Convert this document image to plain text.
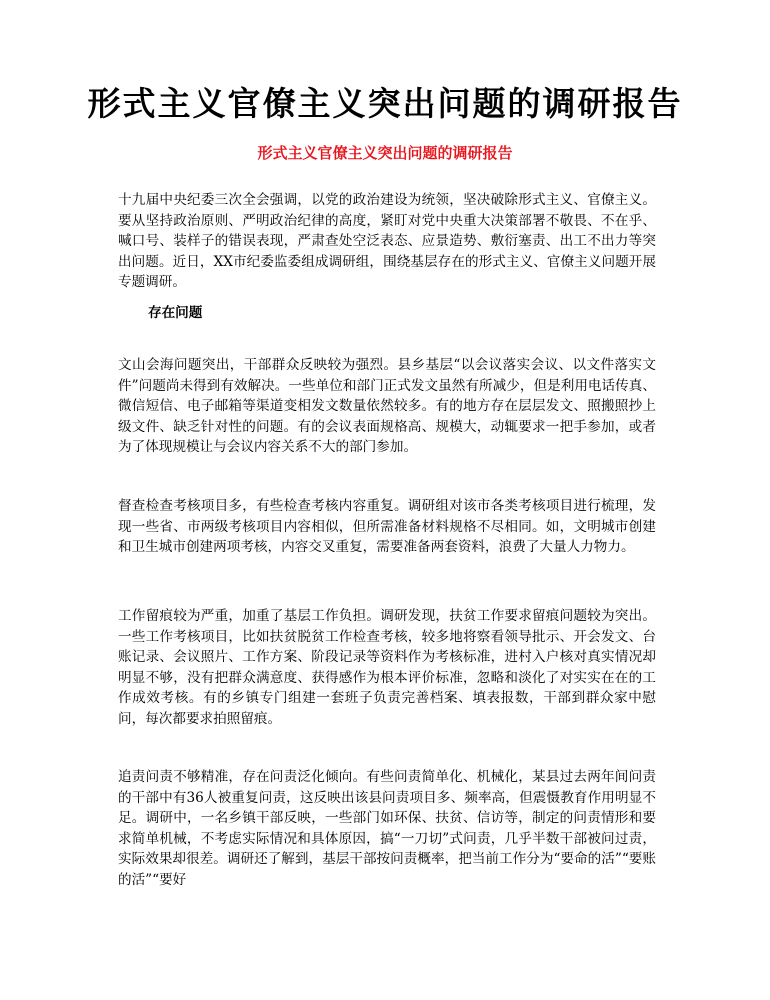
形式主义官僚主义突出问题的调研报告
形式主义官僚主义突出问题的调研报告

十九届中央纪委三次全会强调，以党的政治建设为统领，坚决破除形式主义、官僚主义。要从坚持政治原则、严明政治纪律的高度，紧盯对党中央重大决策部署不敬畏、不在乎、喊口号、装样子的错误表现，严肃查处空泛表态、应景造势、敷衍塞责、出工不出力等突出问题。近日，XX市纪委监委组成调研组，围绕基层存在的形式主义、官僚主义问题开展专题调研。

存在问题

文山会海问题突出，干部群众反映较为强烈。县乡基层“以会议落实会议、以文件落实文件”问题尚未得到有效解决。一些单位和部门正式发文虽然有所减少，但是利用电话传真、微信短信、电子邮箱等渠道变相发文数量依然较多。有的地方存在层层发文、照搬照抄上级文件、缺乏针对性的问题。有的会议表面规格高、规模大，动辄要求一把手参加，或者为了体现规模让与会议内容关系不大的部门参加。

督查检查考核项目多，有些检查考核内容重复。调研组对该市各类考核项目进行梳理，发现一些省、市两级考核项目内容相似，但所需准备材料规格不尽相同。如，文明城市创建和卫生城市创建两项考核，内容交叉重复，需要准备两套资料，浪费了大量人力物力。

工作留痕较为严重，加重了基层工作负担。调研发现，扶贫工作要求留痕问题较为突出。一些工作考核项目，比如扶贫脱贫工作检查考核，较多地将察看领导批示、开会发文、台账记录、会议照片、工作方案、阶段记录等资料作为考核标准，进村入户核对真实情况却明显不够，没有把群众满意度、获得感作为根本评价标准，忽略和淡化了对实实在在的工作成效考核。有的乡镇专门组建一套班子负责完善档案、填表报数，干部到群众家中慰问，每次都要求拍照留痕。

追责问责不够精准，存在问责泛化倾向。有些问责简单化、机械化，某县过去两年间问责的干部中有36人被重复问责，这反映出该县问责项目多、频率高，但震慑教育作用明显不足。调研中，一名乡镇干部反映，一些部门如环保、扶贫、信访等，制定的问责情形和要求简单机械，不考虑实际情况和具体原因，搞“一刀切”式问责，几乎半数干部被问过责，实际效果却很差。调研还了解到，基层干部按问责概率，把当前工作分为“要命的活”“要账的活”“要好
